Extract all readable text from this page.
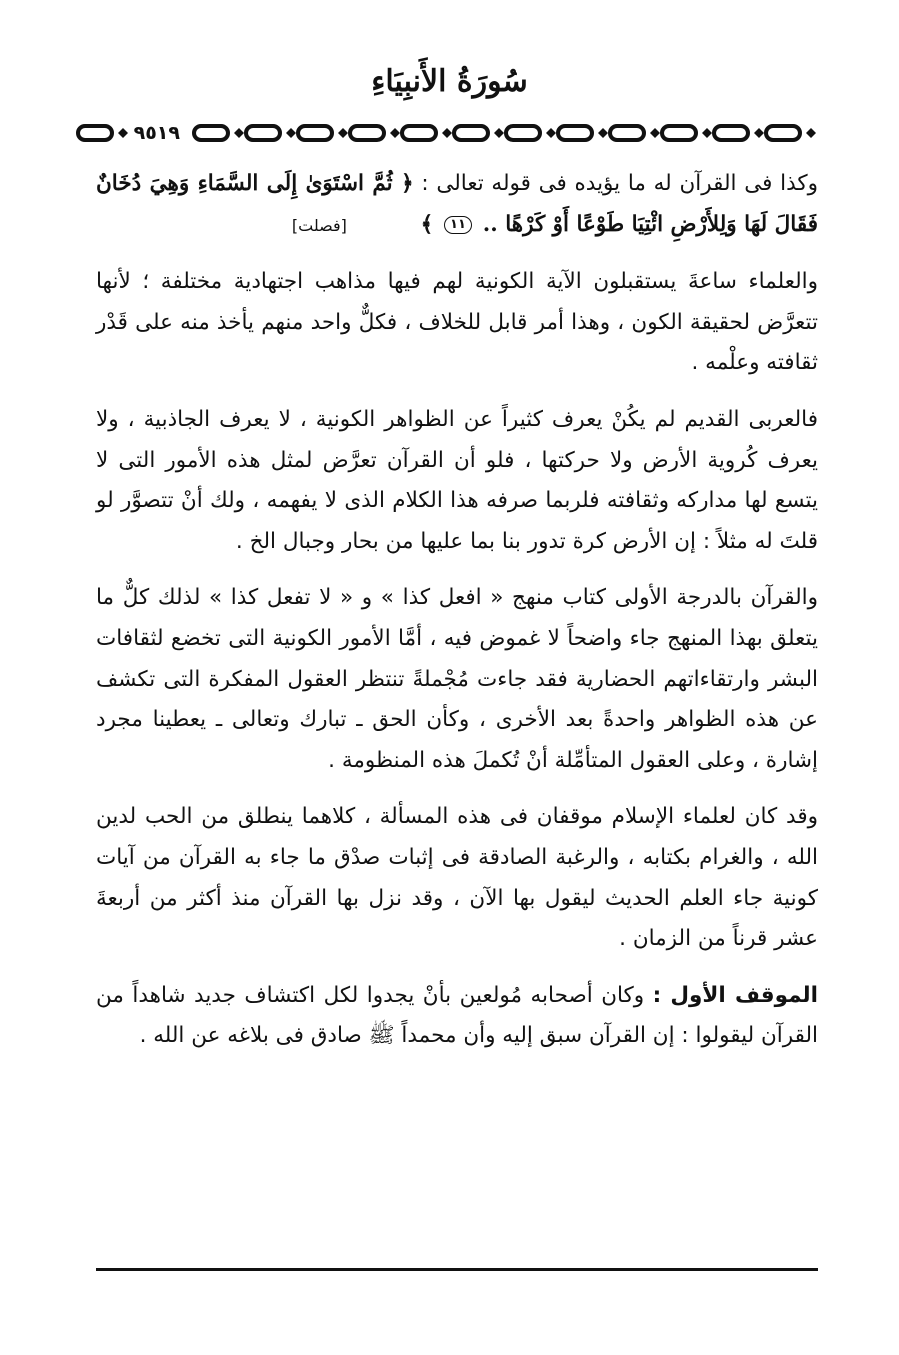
سُورَةُ الأَنبِيَاءِ
٩٥١٩
وكذا فى القرآن له ما يؤيده فى قوله تعالى : ﴿ ثُمَّ اسْتَوَىٰ إِلَى السَّمَاءِ وَهِيَ دُخَانٌ فَقَالَ لَهَا وَلِلأَرْضِ ائْتِيَا طَوْعًا أَوْ كَرْهًا .. ١١ ﴾  [فصلت]

والعلماء ساعةَ يستقبلون الآية الكونية لهم فيها مذاهب اجتهادية مختلفة ؛ لأنها تتعرَّض لحقيقة الكون ، وهذا أمر قابل للخلاف ، فكلٌّ واحد منهم يأخذ منه على قَدْر ثقافته وعلْمه .

فالعربى القديم لم يكُنْ يعرف كثيراً عن الظواهر الكونية ، لا يعرف الجاذبية ، ولا يعرف كُروية الأرض ولا حركتها ، فلو أن القرآن تعرَّض لمثل هذه الأمور التى لا يتسع لها مداركه وثقافته فلربما صرفه هذا الكلام الذى لا يفهمه ، ولك أنْ تتصوَّر لو قلتَ له مثلاً : إن الأرض كرة تدور بنا بما عليها من بحار وجبال الخ .

والقرآن بالدرجة الأولى كتاب منهج « افعل كذا » و « لا تفعل كذا » لذلك كلٌّ ما يتعلق بهذا المنهج جاء واضحاً لا غموض فيه ، أمَّا الأمور الكونية التى تخضع لثقافات البشر وارتقاءاتهم الحضارية فقد جاءت مُجْملةً تنتظر العقول المفكرة التى تكشف عن هذه الظواهر واحدةً بعد الأخرى ، وكأن الحق ـ تبارك وتعالى ـ يعطينا مجرد إشارة ، وعلى العقول المتأمِّلة أنْ تُكملَ هذه المنظومة .

وقد كان لعلماء الإسلام موقفان فى هذه المسألة ، كلاهما ينطلق من الحب لدين الله ، والغرام بكتابه ، والرغبة الصادقة فى إثبات صدْق ما جاء به القرآن من آيات كونية جاء العلم الحديث ليقول بها الآن ، وقد نزل بها القرآن منذ أكثر من أربعةَ عشر قرناً من الزمان .

الموقف الأول : وكان أصحابه مُولعين بأنْ يجدوا لكل اكتشاف جديد شاهداً من القرآن ليقولوا : إن القرآن سبق إليه وأن محمداً ﷺ صادق فى بلاغه عن الله .
